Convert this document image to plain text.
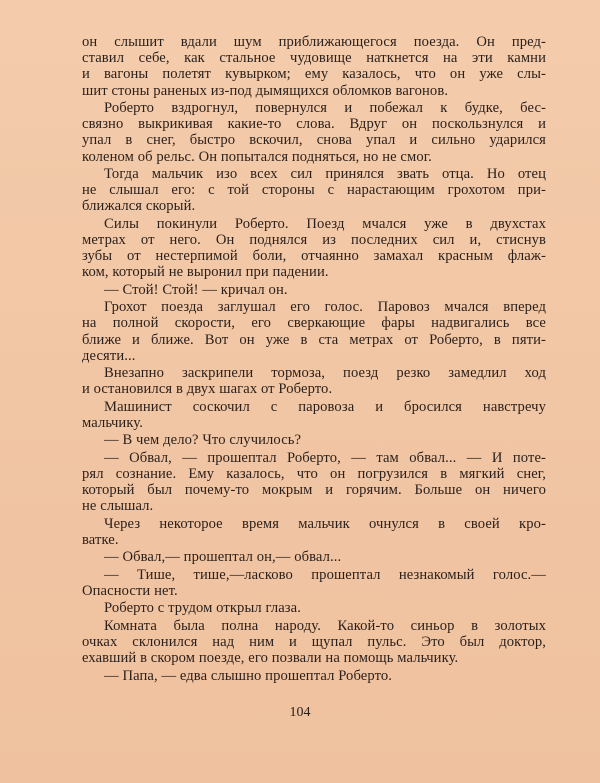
он слышит вдали шум приближающегося поезда. Он пред-
ставил себе, как стальное чудовище наткнется на эти камни
и вагоны полетят кувырком; ему казалось, что он уже слы-
шит стоны раненых из-под дымящихся обломков вагонов.
Роберто вздрогнул, повернулся и побежал к будке, бес-
связно выкрикивая какие-то слова. Вдруг он поскользнулся и
упал в снег, быстро вскочил, снова упал и сильно ударился
коленом об рельс. Он попытался подняться, но не смог.
Тогда мальчик изо всех сил принялся звать отца. Но отец
не слышал его: с той стороны с нарастающим грохотом при-
ближался скорый.
Силы покинули Роберто. Поезд мчался уже в двухстах
метрах от него. Он поднялся из последних сил и, стиснув
зубы от нестерпимой боли, отчаянно замахал красным флаж-
ком, который не выронил при падении.
— Стой! Стой! — кричал он.
Грохот поезда заглушал его голос. Паровоз мчался вперед
на полной скорости, его сверкающие фары надвигались все
ближе и ближе. Вот он уже в ста метрах от Роберто, в пяти-
десяти...
Внезапно заскрипели тормоза, поезд резко замедлил ход
и остановился в двух шагах от Роберто.
Машинист соскочил с паровоза и бросился навстречу
мальчику.
— В чем дело? Что случилось?
— Обвал, — прошептал Роберто, — там обвал... — И поте-
рял сознание. Ему казалось, что он погрузился в мягкий снег,
который был почему-то мокрым и горячим. Больше он ничего
не слышал.
Через некоторое время мальчик очнулся в своей кро-
ватке.
— Обвал,— прошептал он,— обвал...
— Тише, тише,—ласково прошептал незнакомый голос.—
Опасности нет.
Роберто с трудом открыл глаза.
Комната была полна народу. Какой-то синьор в золотых
очках склонился над ним и щупал пульс. Это был доктор,
ехавший в скором поезде, его позвали на помощь мальчику.
— Папа, — едва слышно прошептал Роберто.
104
